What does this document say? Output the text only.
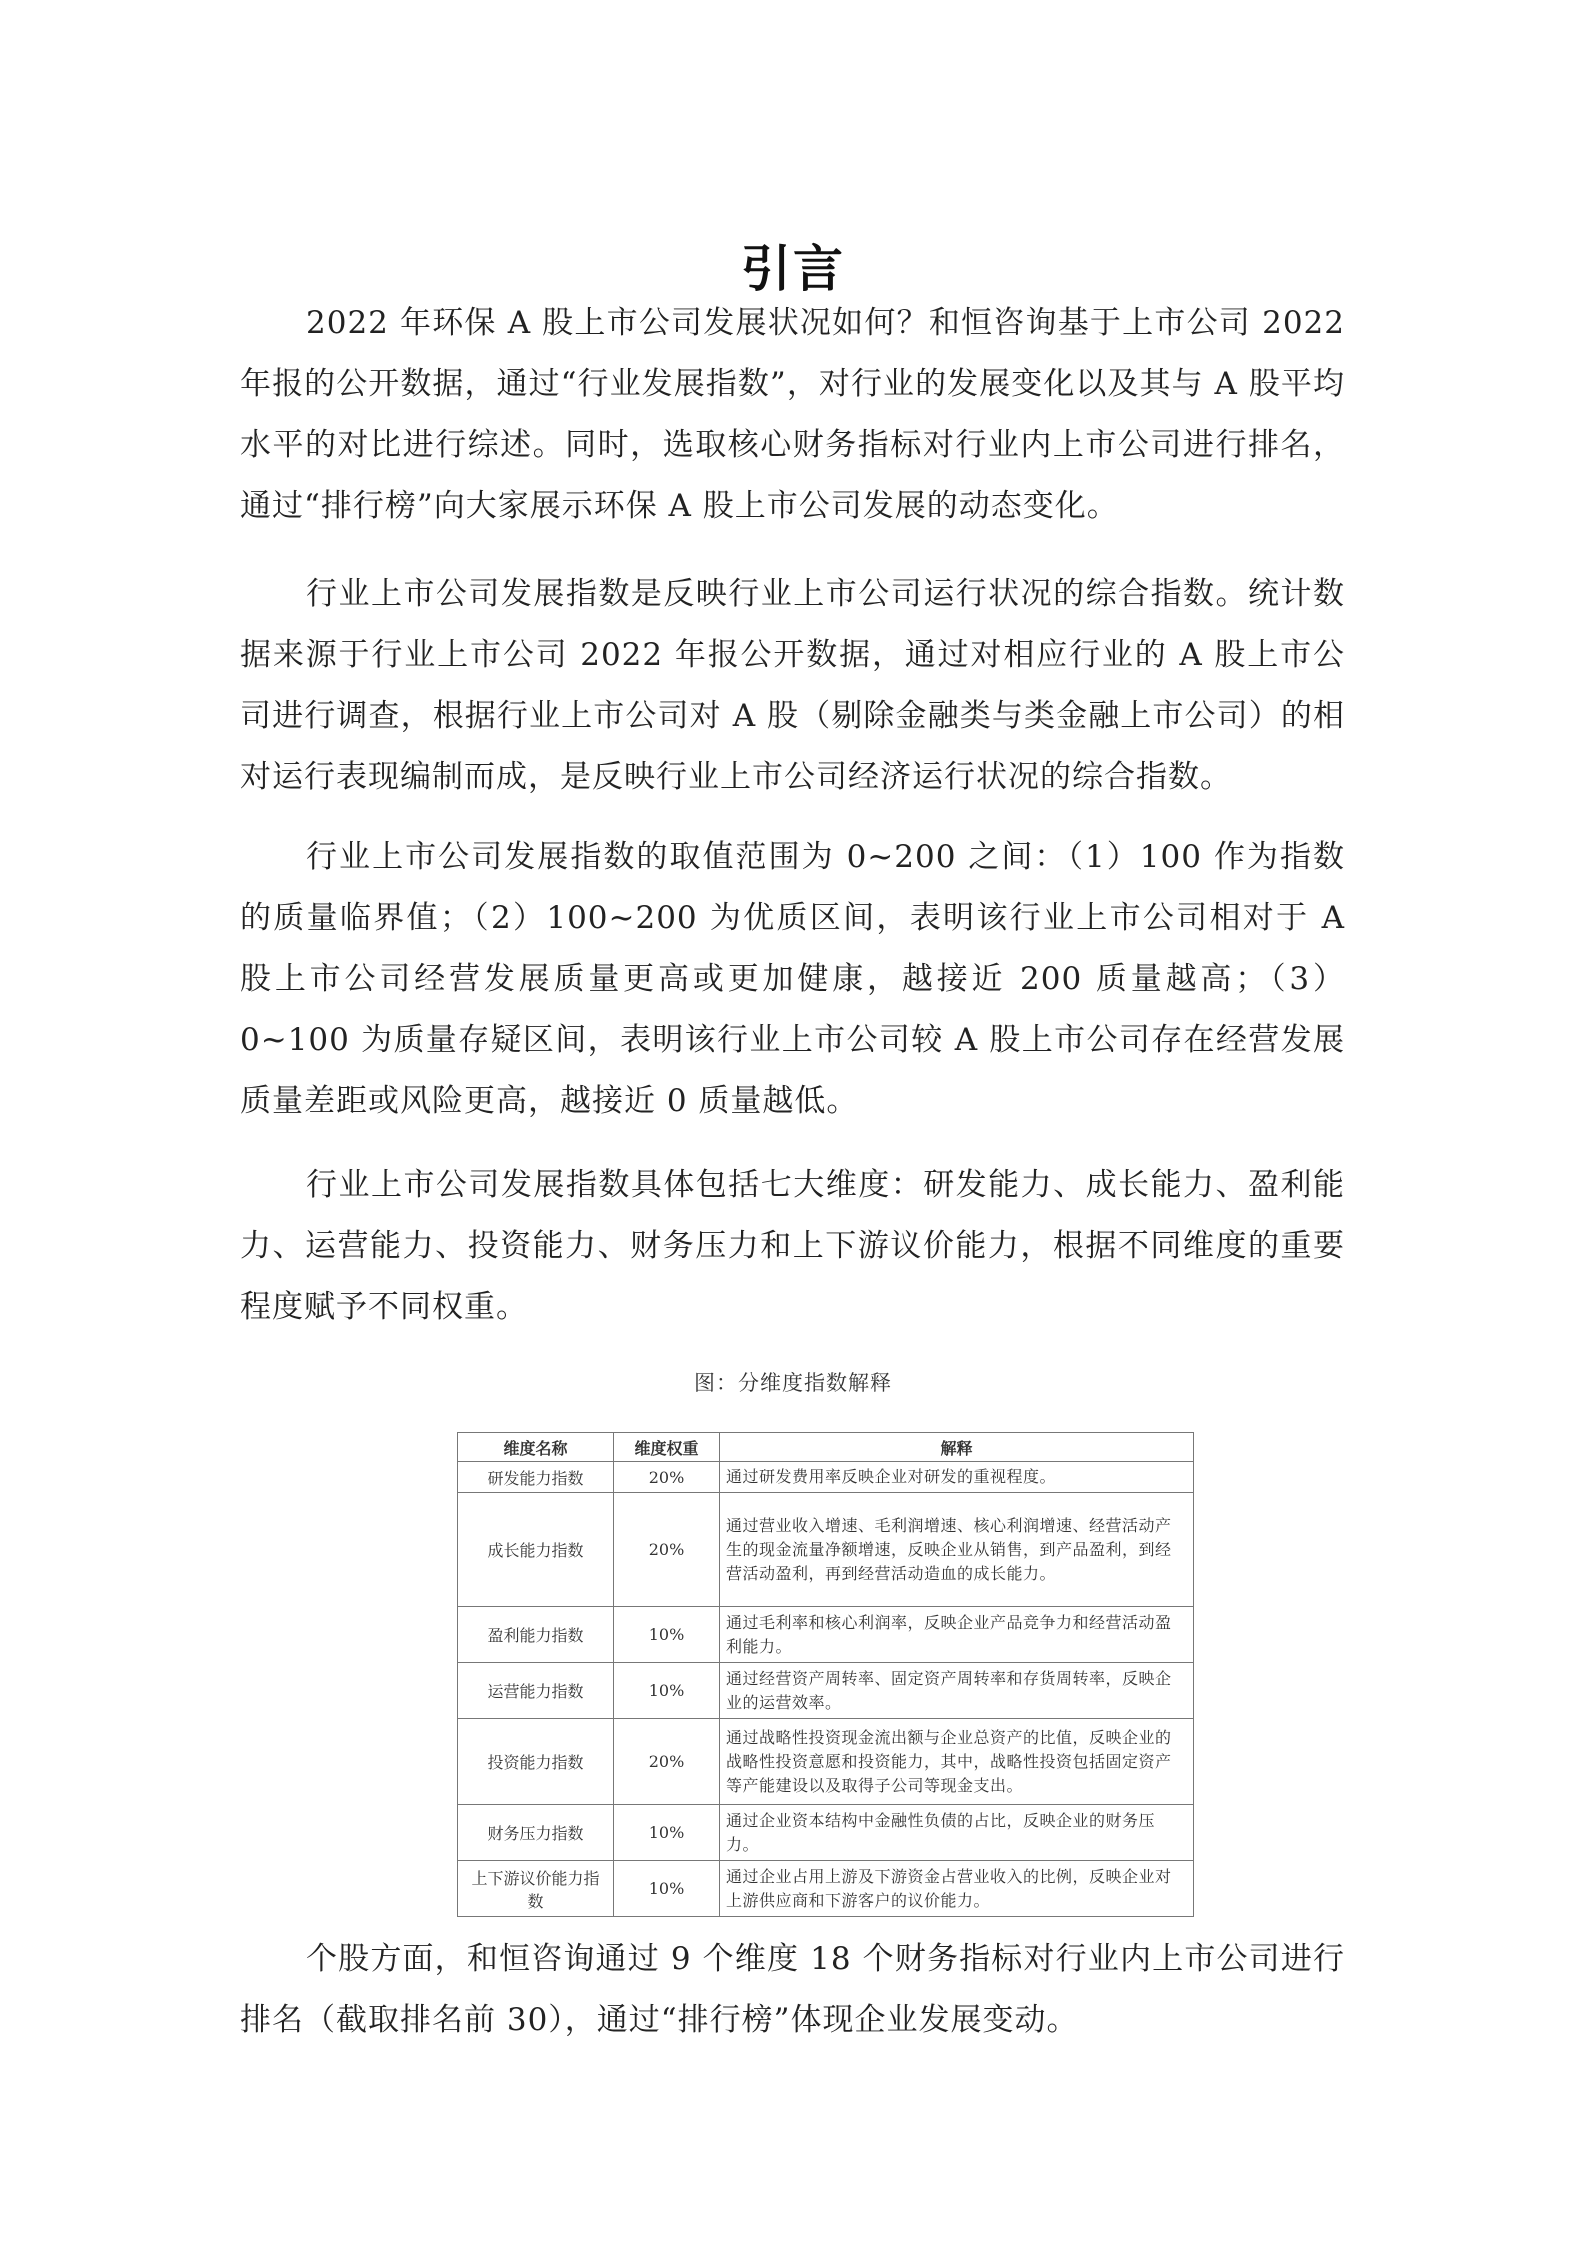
引言

2022 年环保 A 股上市公司发展状况如何？和恒咨询基于上市公司 2022 年报的公开数据，通过“行业发展指数”，对行业的发展变化以及其与 A 股平均水平的对比进行综述。同时，选取核心财务指标对行业内上市公司进行排名，通过“排行榜”向大家展示环保 A 股上市公司发展的动态变化。

行业上市公司发展指数是反映行业上市公司运行状况的综合指数。统计数据来源于行业上市公司 2022 年报公开数据，通过对相应行业的 A 股上市公司进行调查，根据行业上市公司对 A 股（剔除金融类与类金融上市公司）的相对运行表现编制而成，是反映行业上市公司经济运行状况的综合指数。

行业上市公司发展指数的取值范围为 0~200 之间：（1）100 作为指数的质量临界值；（2）100~200 为优质区间，表明该行业上市公司相对于 A 股上市公司经营发展质量更高或更加健康，越接近 200 质量越高；（3）0~100 为质量存疑区间，表明该行业上市公司较 A 股上市公司存在经营发展质量差距或风险更高，越接近 0 质量越低。

行业上市公司发展指数具体包括七大维度：研发能力、成长能力、盈利能力、运营能力、投资能力、财务压力和上下游议价能力，根据不同维度的重要程度赋予不同权重。

图：分维度指数解释
维度名称	维度权重	解释
研发能力指数	20%	通过研发费用率反映企业对研发的重视程度。
成长能力指数	20%	通过营业收入增速、毛利润增速、核心利润增速、经营活动产生的现金流量净额增速，反映企业从销售，到产品盈利，到经营活动盈利，再到经营活动造血的成长能力。
盈利能力指数	10%	通过毛利率和核心利润率，反映企业产品竞争力和经营活动盈利能力。
运营能力指数	10%	通过经营资产周转率、固定资产周转率和存货周转率，反映企业的运营效率。
投资能力指数	20%	通过战略性投资现金流出额与企业总资产的比值，反映企业的战略性投资意愿和投资能力，其中，战略性投资包括固定资产等产能建设以及取得子公司等现金支出。
财务压力指数	10%	通过企业资本结构中金融性负债的占比，反映企业的财务压力。
上下游议价能力指数	10%	通过企业占用上游及下游资金占营业收入的比例，反映企业对上游供应商和下游客户的议价能力。

个股方面，和恒咨询通过 9 个维度 18 个财务指标对行业内上市公司进行排名（截取排名前 30），通过“排行榜”体现企业发展变动。
